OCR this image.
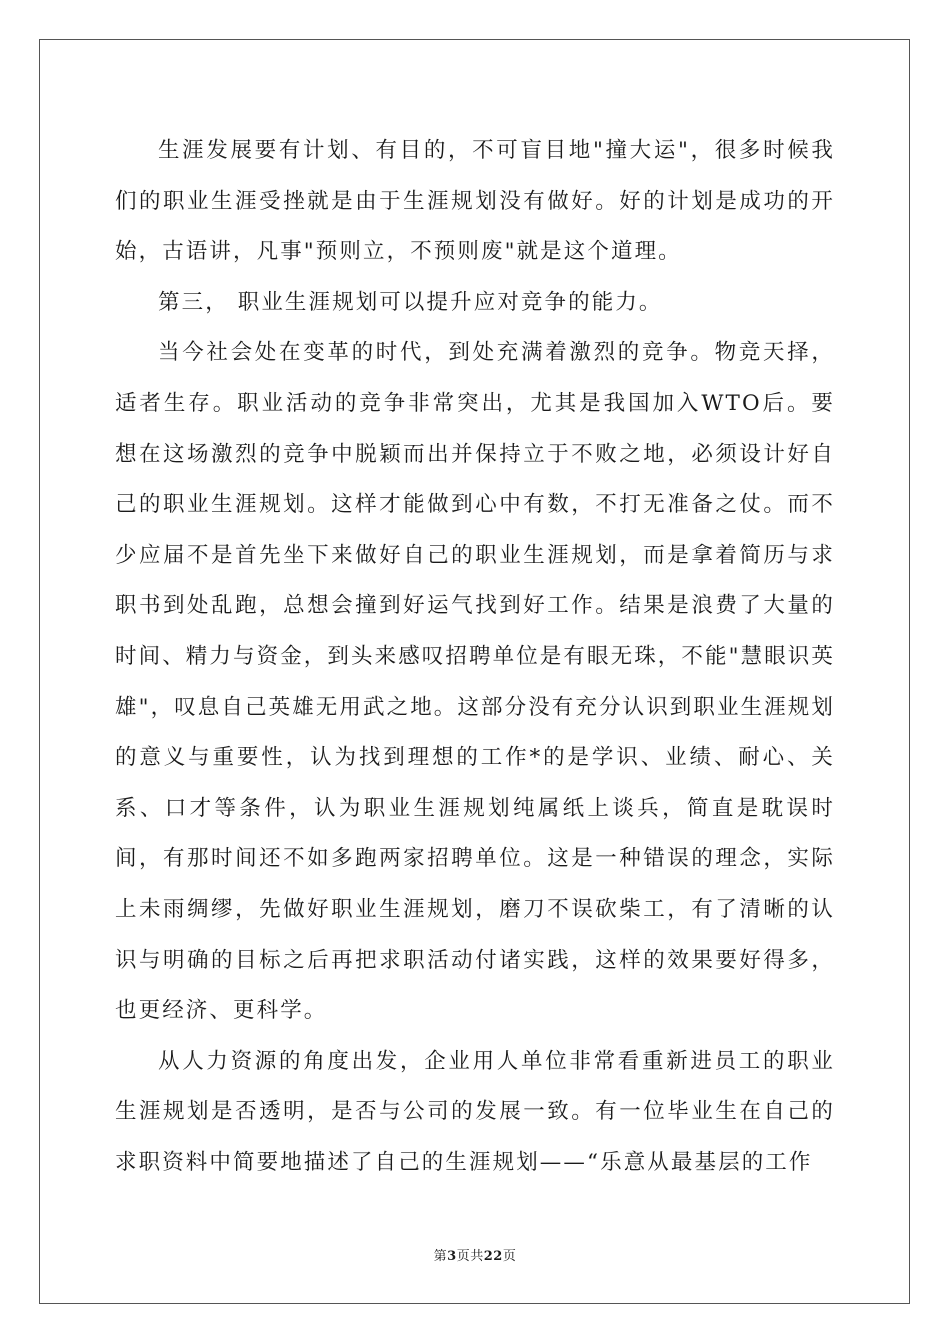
生涯发展要有计划、有目的，不可盲目地"撞大运"，很多时候我们的职业生涯受挫就是由于生涯规划没有做好。好的计划是成功的开始，古语讲，凡事"预则立，不预则废"就是这个道理。

第三， 职业生涯规划可以提升应对竞争的能力。

当今社会处在变革的时代，到处充满着激烈的竞争。物竞天择，适者生存。职业活动的竞争非常突出，尤其是我国加入WTO后。要想在这场激烈的竞争中脱颖而出并保持立于不败之地，必须设计好自己的职业生涯规划。这样才能做到心中有数，不打无准备之仗。而不少应届不是首先坐下来做好自己的职业生涯规划，而是拿着简历与求职书到处乱跑，总想会撞到好运气找到好工作。结果是浪费了大量的时间、精力与资金，到头来感叹招聘单位是有眼无珠，不能"慧眼识英雄"，叹息自己英雄无用武之地。这部分没有充分认识到职业生涯规划的意义与重要性，认为找到理想的工作*的是学识、业绩、耐心、关系、口才等条件，认为职业生涯规划纯属纸上谈兵，简直是耽误时间，有那时间还不如多跑两家招聘单位。这是一种错误的理念，实际上未雨绸缪，先做好职业生涯规划，磨刀不误砍柴工，有了清晰的认识与明确的目标之后再把求职活动付诸实践，这样的效果要好得多，也更经济、更科学。

从人力资源的角度出发，企业用人单位非常看重新进员工的职业生涯规划是否透明，是否与公司的发展一致。有一位毕业生在自己的求职资料中简要地描述了自己的生涯规划——“乐意从最基层的工作

第3页共22页
